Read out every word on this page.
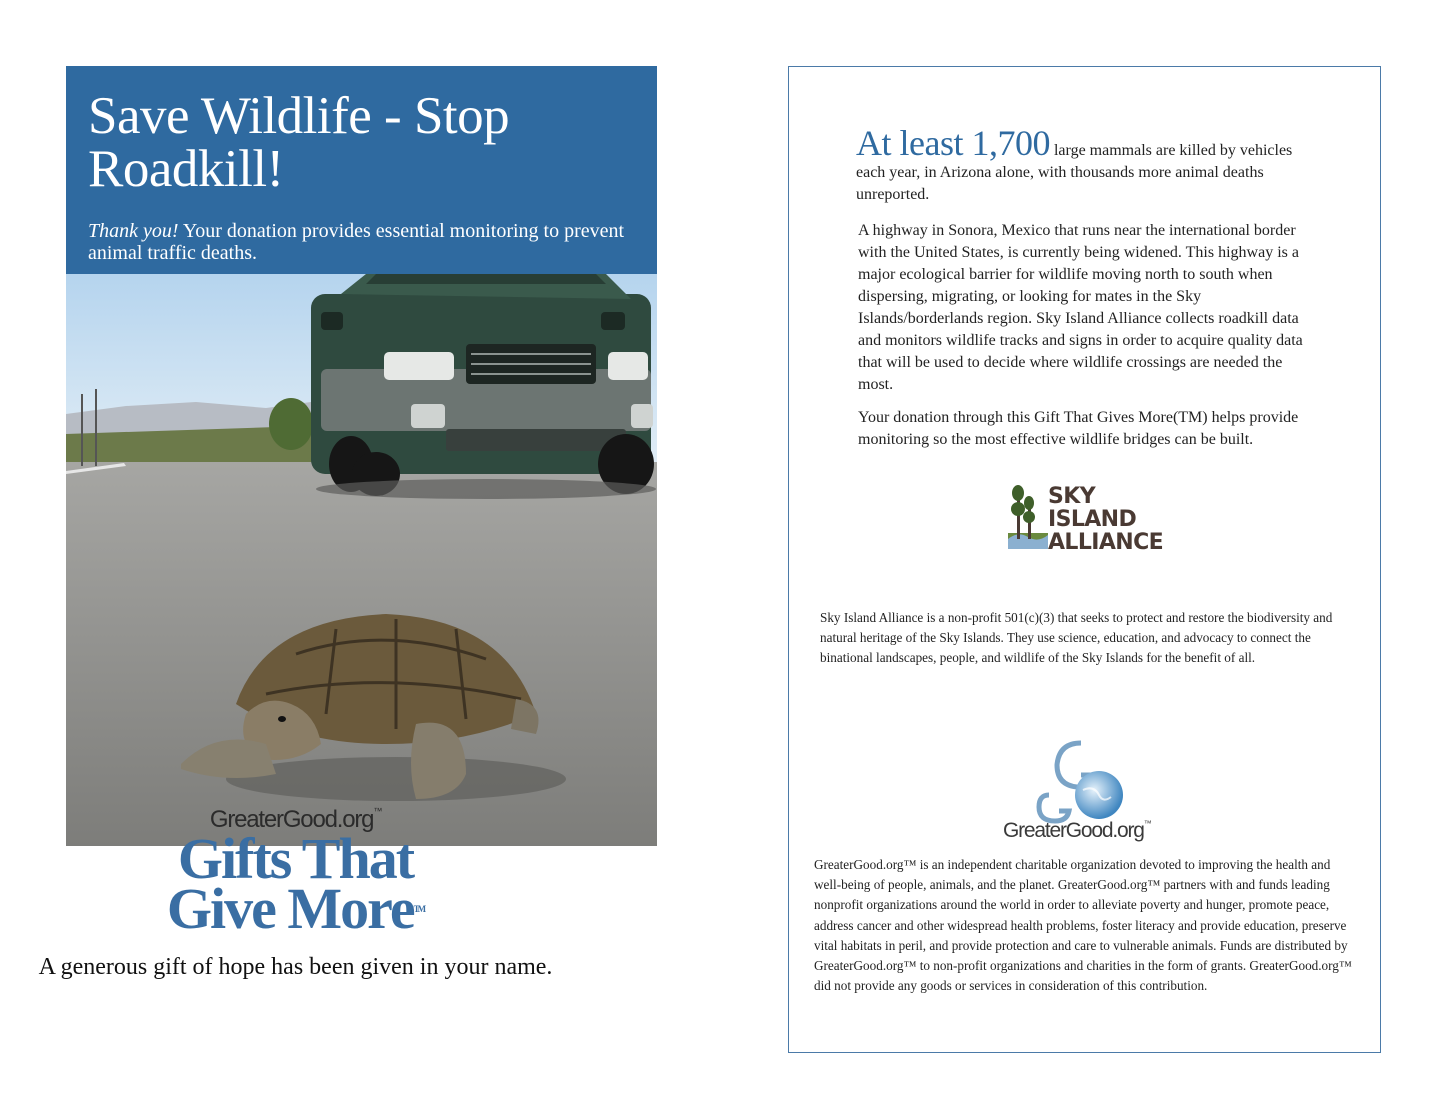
Save Wildlife - Stop Roadkill!

Thank you! Your donation provides essential monitoring to prevent animal traffic deaths.

GreaterGood.org™
Gifts That
Give More™
A generous gift of hope has been given in your name.

At least 1,700 large mammals are killed by vehicles each year, in Arizona alone, with thousands more animal deaths unreported.

A highway in Sonora, Mexico that runs near the international border with the United States, is currently being widened. This highway is a major ecological barrier for wildlife moving north to south when dispersing, migrating, or looking for mates in the Sky Islands/borderlands region. Sky Island Alliance collects roadkill data and monitors wildlife tracks and signs in order to acquire quality data that will be used to decide where wildlife crossings are needed the most.

Your donation through this Gift That Gives More(TM) helps provide monitoring so the most effective wildlife bridges can be built.

SKY
ISLAND
ALLIANCE

Sky Island Alliance is a non-profit 501(c)(3) that seeks to protect and restore the biodiversity and natural heritage of the Sky Islands. They use science, education, and advocacy to connect the binational landscapes, people, and wildlife of the Sky Islands for the benefit of all.

GreaterGood.org™

GreaterGood.org™ is an independent charitable organization devoted to improving the health and well-being of people, animals, and the planet. GreaterGood.org™ partners with and funds leading nonprofit organizations around the world in order to alleviate poverty and hunger, promote peace, address cancer and other widespread health problems, foster literacy and provide education, preserve vital habitats in peril, and provide protection and care to vulnerable animals. Funds are distributed by GreaterGood.org™ to non-profit organizations and charities in the form of grants. GreaterGood.org™ did not provide any goods or services in consideration of this contribution.
